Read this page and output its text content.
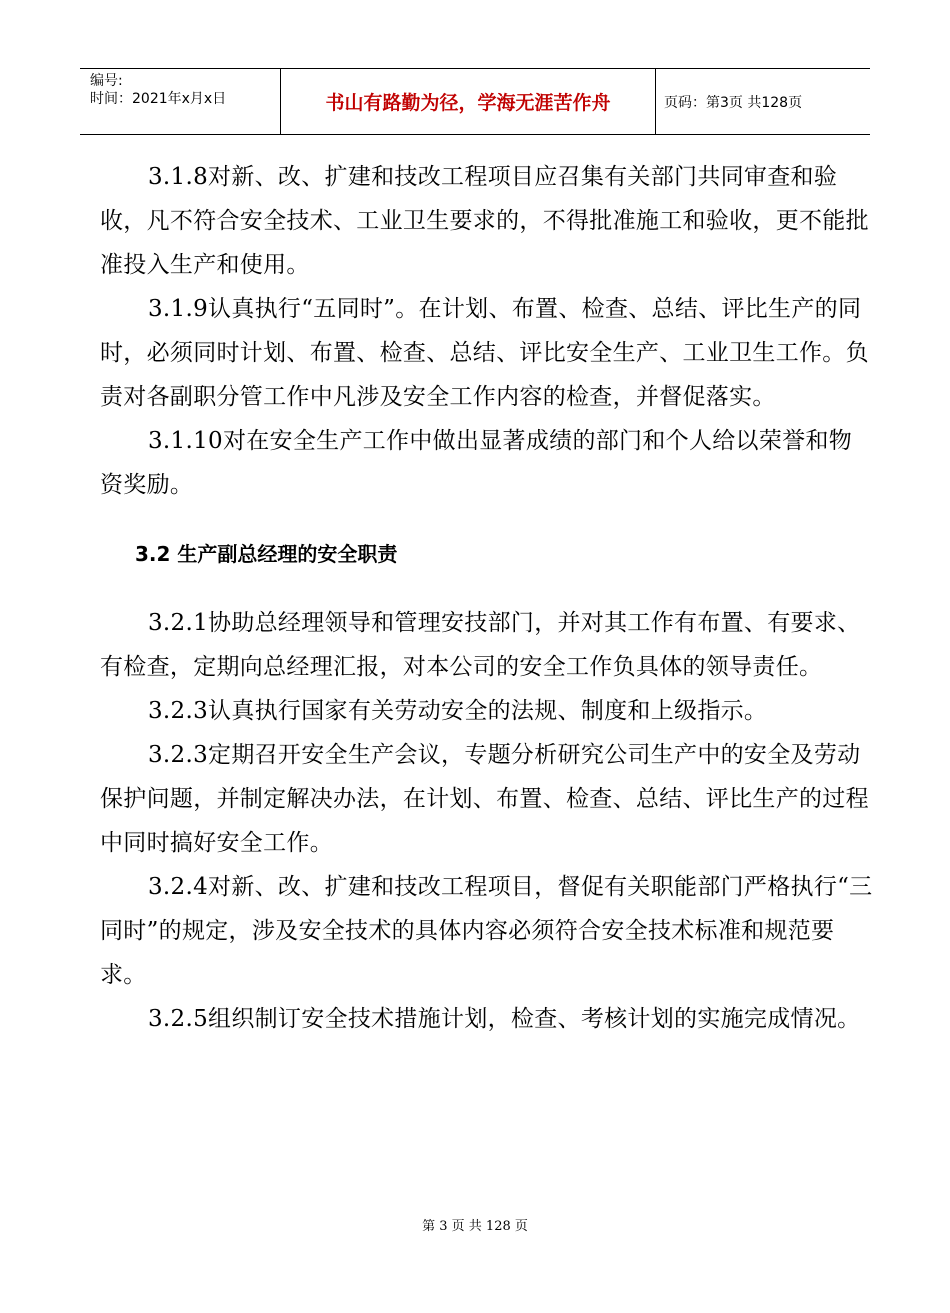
编号:
时间：2021年x月x日	书山有路勤为径，学海无涯苦作舟	页码：第3页 共128页

3.1.8对新、改、扩建和技改工程项目应召集有关部门共同审查和验收，凡不符合安全技术、工业卫生要求的，不得批准施工和验收，更不能批准投入生产和使用。

3.1.9认真执行“五同时”。在计划、布置、检查、总结、评比生产的同时，必须同时计划、布置、检查、总结、评比安全生产、工业卫生工作。负责对各副职分管工作中凡涉及安全工作内容的检查，并督促落实。

3.1.10对在安全生产工作中做出显著成绩的部门和个人给以荣誉和物资奖励。

3.2 生产副总经理的安全职责

3.2.1协助总经理领导和管理安技部门，并对其工作有布置、有要求、有检查，定期向总经理汇报，对本公司的安全工作负具体的领导责任。

3.2.3认真执行国家有关劳动安全的法规、制度和上级指示。

3.2.3定期召开安全生产会议，专题分析研究公司生产中的安全及劳动保护问题，并制定解决办法，在计划、布置、检查、总结、评比生产的过程中同时搞好安全工作。

3.2.4对新、改、扩建和技改工程项目，督促有关职能部门严格执行“三同时”的规定，涉及安全技术的具体内容必须符合安全技术标准和规范要求。

3.2.5组织制订安全技术措施计划，检查、考核计划的实施完成情况。

第 3 页 共 128 页
